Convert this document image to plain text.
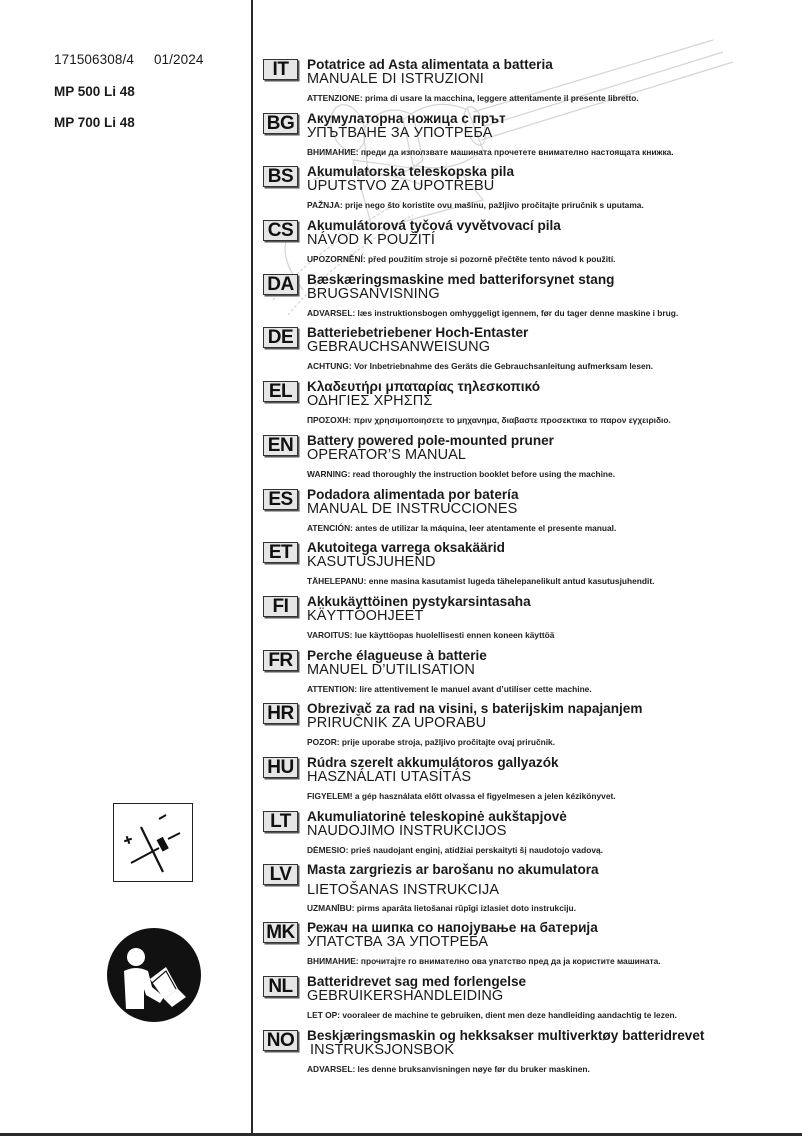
171506308/4 01/2024
MP 500 Li 48
MP 700 Li 48
IT	Potatrice ad Asta alimentata a batteria
MANUALE DI ISTRUZIONI
ATTENZIONE: prima di usare la macchina, leggere attentamente il presente libretto.
BG Акумулаторна ножица с прът
УПЪТВАНЕ ЗА УПОТРЕБА
ВНИМАНИЕ: преди да използвате машината прочетете внимателно настоящата книжка.
BS	Akumulatorska teleskopska pila
UPUTSTVO ZA UPOTREBU
PAŽNJA: prije nego što koristite ovu mašinu, pažljivo pročitajte priručnik s uputama.
CS	Akumulátorová tyčová vyvětvovací pila
NÁVOD K POUŽITÍ
UPOZORNĚNÍ: před použitím stroje si pozorně přečtěte tento návod k použití.
DA Bæskæringsmaskine med batteriforsynet stang
BRUGSANVISNING
ADVARSEL: læs instruktionsbogen omhyggeligt igennem, før du tager denne maskine i brug.
DE	Batteriebetriebener Hoch-Entaster
GEBRAUCHSANWEISUNG
ACHTUNG: Vor Inbetriebnahme des Geräts die Gebrauchsanleitung aufmerksam lesen.
EL	Κλαδευτήρι μπαταρίας τηλεσκοπικό
ΟΔΗΓΙΕΣ ΧΡΗΣΠΣ
ΠΡΟΣΟΧΗ: πριν χρησιμοποιησετε το μηχανημα, διαβαστε προσεκτικα το παρον εγχειριδιο.
EN	Battery powered pole-mounted pruner
OPERATOR’S MANUAL
WARNING: read thoroughly the instruction booklet before using the machine.
ES	Podadora alimentada por batería
MANUAL DE INSTRUCCIONES
ATENCIÓN: antes de utilizar la máquina, leer atentamente el presente manual.
ET	Akutoitega varrega oksakäärid
KASUTUSJUHEND
TÄHELEPANU: enne masina kasutamist lugeda tähelepanelikult antud kasutusjuhendit.
FI	Akkukäyttöinen pystykarsintasaha
KÄYTTÖOHJEET
VAROITUS: lue käyttöopas huolellisesti ennen koneen käyttöä
FR	Perche élagueuse à batterie
MANUEL D’UTILISATION
ATTENTION: lire attentivement le manuel avant d’utiliser cette machine.
HR Obrezivač za rad na visini, s baterijskim napajanjem
PRIRUČNIK ZA UPORABU
POZOR: prije uporabe stroja, pažljivo pročitajte ovaj priručnik.
HU Rúdra szerelt akkumulátoros gallyazók
HASZNÁLATI UTASÍTÁS
FIGYELEM! a gép használata előtt olvassa el figyelmesen a jelen kézikönyvet.
LT	Akumuliatorinė teleskopinė aukštapjovė
NAUDOJIMO INSTRUKCIJOS
DĖMESIO: prieš naudojant enginį, atidžiai perskaityti šį naudotojo vadovą.
LV	Masta zargriezis ar barošanu no akumulatora
LIETOŠANAS INSTRUKCIJA
UZMANĪBU: pirms aparāta lietošanai rūpīgi izlasiet doto instrukciju.
MK Режач на шипка со напојување на батерија
УПАТСТВА ЗА УПОТРЕБА
ВНИМАНИЕ: прочитајте го внимателно ова упатство пред да ја користите машината.
NL	Batteridrevet sag med forlengelse
GEBRUIKERSHANDLEIDING
LET OP: vooraleer de machine te gebruiken, dient men deze handleiding aandachtig te lezen.
NO Beskjæringsmaskin og hekksakser multiverktøy batteridrevet
INSTRUKSJONSBOK
ADVARSEL: les denne bruksanvisningen nøye før du bruker maskinen.
